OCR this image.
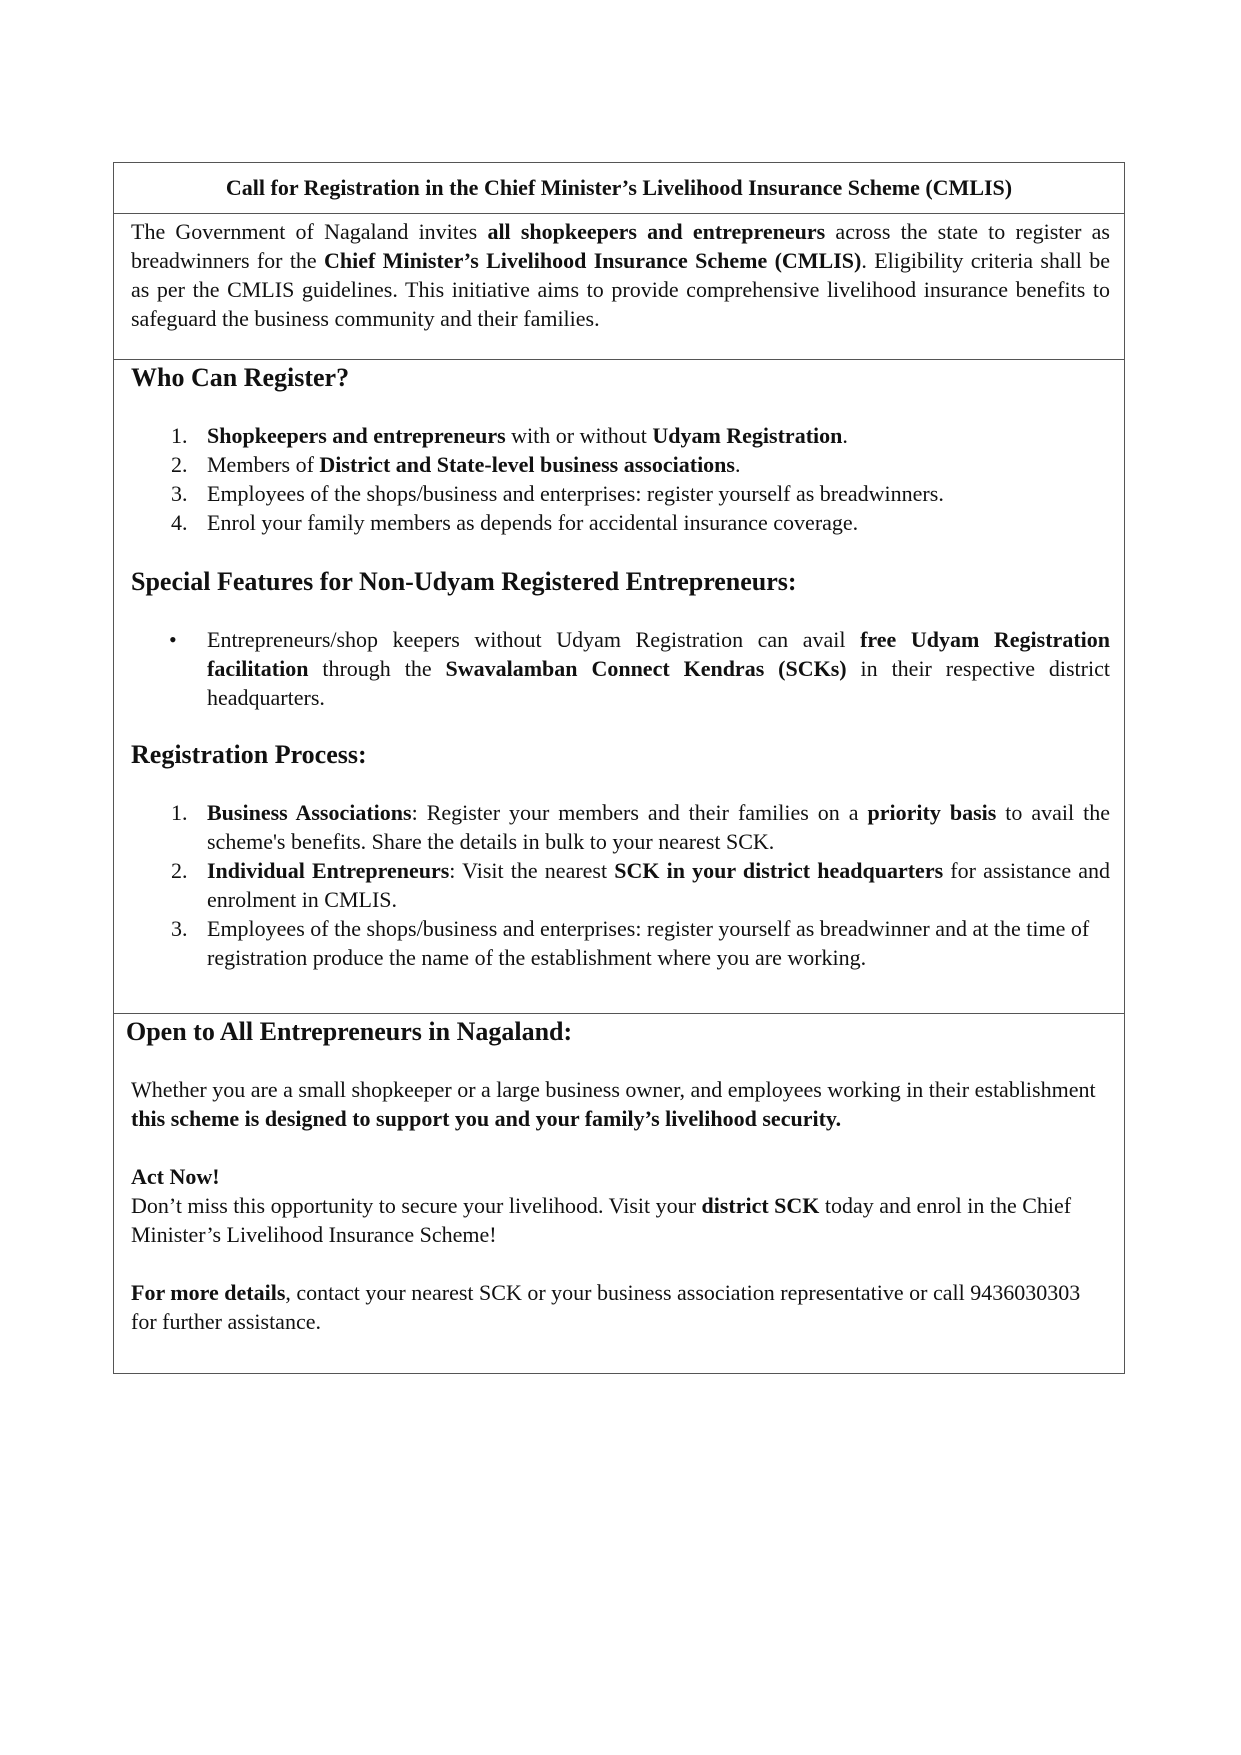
Call for Registration in the Chief Minister’s Livelihood Insurance Scheme (CMLIS)

The Government of Nagaland invites all shopkeepers and entrepreneurs across the state to register as breadwinners for the Chief Minister’s Livelihood Insurance Scheme (CMLIS). Eligibility criteria shall be as per the CMLIS guidelines. This initiative aims to provide comprehensive livelihood insurance benefits to safeguard the business community and their families.

Who Can Register?
1. Shopkeepers and entrepreneurs with or without Udyam Registration.
2. Members of District and State-level business associations.
3. Employees of the shops/business and enterprises: register yourself as breadwinners.
4. Enrol your family members as depends for accidental insurance coverage.
Special Features for Non-Udyam Registered Entrepreneurs:
• Entrepreneurs/shop keepers without Udyam Registration can avail free Udyam Registration facilitation through the Swavalamban Connect Kendras (SCKs) in their respective district headquarters.
Registration Process:
1. Business Associations: Register your members and their families on a priority basis to avail the scheme's benefits. Share the details in bulk to your nearest SCK.
2. Individual Entrepreneurs: Visit the nearest SCK in your district headquarters for assistance and enrolment in CMLIS.
3. Employees of the shops/business and enterprises: register yourself as breadwinner and at the time of registration produce the name of the establishment where you are working.
Open to All Entrepreneurs in Nagaland:

Whether you are a small shopkeeper or a large business owner, and employees working in their establishment this scheme is designed to support you and your family’s livelihood security.

Act Now!

Don’t miss this opportunity to secure your livelihood. Visit your district SCK today and enrol in the Chief Minister’s Livelihood Insurance Scheme!

For more details, contact your nearest SCK or your business association representative or call 9436030303 for further assistance.
